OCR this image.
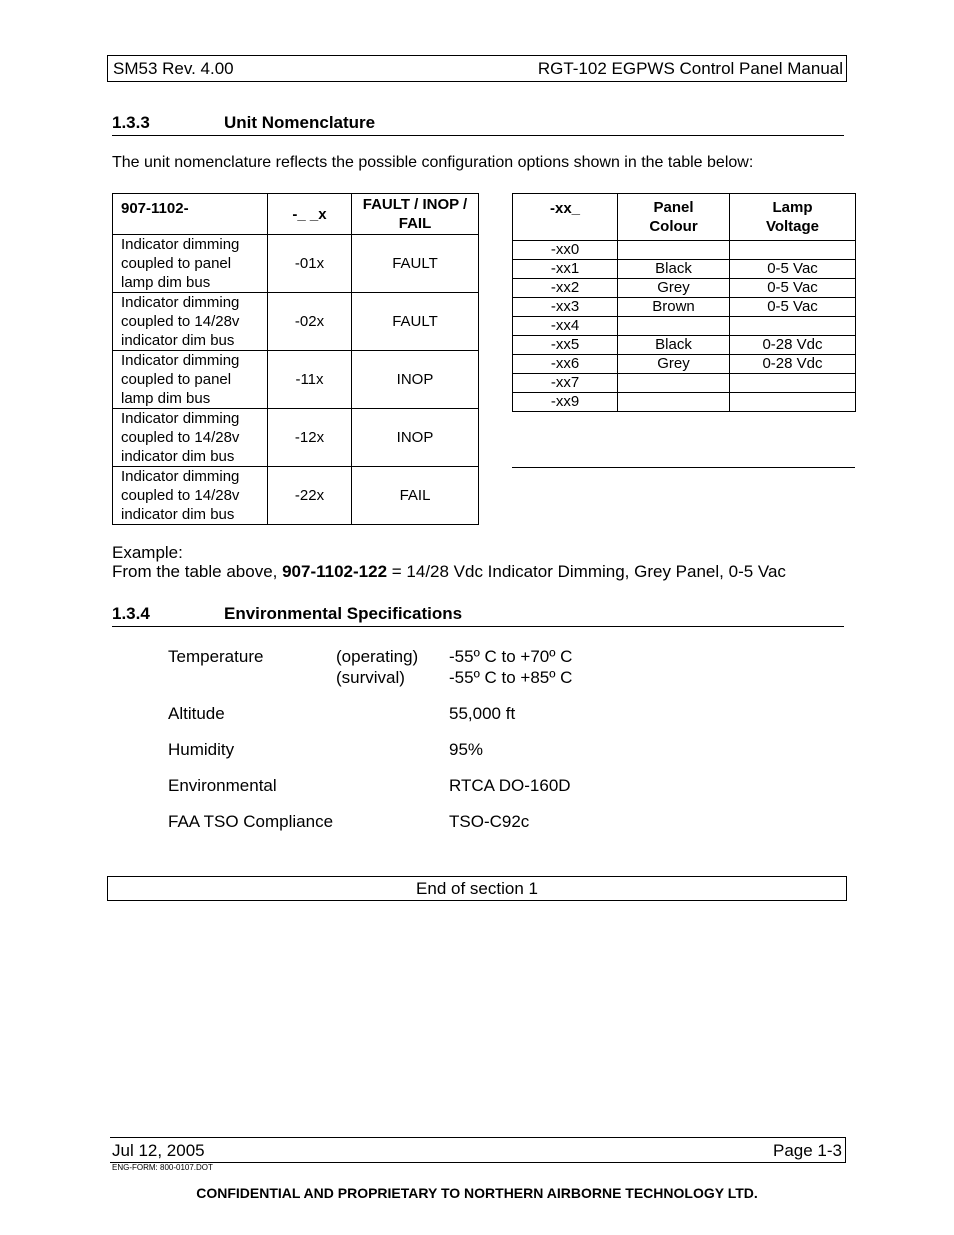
SM53 Rev. 4.00	RGT-102 EGPWS Control Panel Manual
1.3.3	Unit Nomenclature
The unit nomenclature reflects the possible configuration options shown in the table below:
907-1102-	-_ _x	FAULT / INOP / FAIL
Indicator dimming coupled to panel lamp dim bus	-01x	FAULT
Indicator dimming coupled to 14/28v indicator dim bus	-02x	FAULT
Indicator dimming coupled to panel lamp dim bus	-11x	INOP
Indicator dimming coupled to 14/28v indicator dim bus	-12x	INOP
Indicator dimming coupled to 14/28v indicator dim bus	-22x	FAIL
-xx_	Panel Colour	Lamp Voltage
-xx0		
-xx1	Black	0-5 Vac
-xx2	Grey	0-5 Vac
-xx3	Brown	0-5 Vac
-xx4		
-xx5	Black	0-28 Vdc
-xx6	Grey	0-28 Vdc
-xx7		
-xx9		
Example:
From the table above, 907-1102-122 = 14/28 Vdc Indicator Dimming, Grey Panel, 0-5 Vac
1.3.4	Environmental Specifications
Temperature	(operating) -55º C to +70º C
(survival)	-55º C to +85º C
Altitude	55,000 ft
Humidity	95%
Environmental	RTCA DO-160D
FAA TSO Compliance	TSO-C92c
End of section 1
Jul 12, 2005	Page 1-3
ENG-FORM: 800-0107.DOT
CONFIDENTIAL AND PROPRIETARY TO NORTHERN AIRBORNE TECHNOLOGY LTD.
